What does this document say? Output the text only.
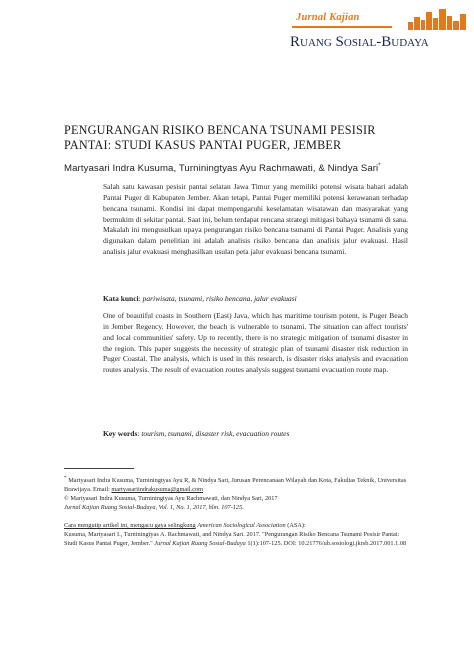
Jurnal Kajian
Ruang Sosial-Budaya
PENGURANGAN RISIKO BENCANA TSUNAMI PESISIR PANTAI: STUDI KASUS PANTAI PUGER, JEMBER
Martyasari Indra Kusuma, Turniningtyas Ayu Rachmawati, & Nindya Sari*
Salah satu kawasan pesisir pantai selatan Jawa Timur yang memiliki potensi wisata bahari adalah Pantai Puger di Kabupaten Jember. Akan tetapi, Pantai Puger memiliki potensi kerawanan terhadap bencana tsunami. Kondisi ini dapat mempengaruhi keselamatan wisatawan dan masyarakat yang bermukim di sekitar pantai. Saat ini, belum terdapat rencana strategi mitigasi bahaya tsunami di sana. Makalah ini mengusulkan upaya pengurangan risiko bencana tsunami di Pantai Puger. Analisis yang digunakan dalam penelitian ini adalah analisis risiko bencana dan analisis jalur evakuasi. Hasil analisis jalur evakuasi menghasilkan usulan peta jalur evakuasi bencana tsunami.
Kata kunci: pariwisata, tsunami, risiko bencana, jalur evakuasi
One of beautiful coasts in Southern (East) Java, which has maritime tourism potent, is Puger Beach in Jember Regency. However, the beach is vulnerable to tsunami. The situation can affect tourists' and local communities' safety. Up to recently, there is no strategic mitigation of tsunami disaster in the region. This paper suggests the necessity of strategic plan of tsunami disaster risk reduction in Puger Coastal. The analysis, which is used in this research, is disaster risks analysis and evacuation routes analysis. The result of evacuation routes analysis suggest tsunami evacuation route map.
Key words: tourism, tsunami, disaster risk, evacuation routes
* Martyasari Indra Kusuma, Turniningtyas Ayu R, & Nindya Sari, Jurusan Perencanaan Wilayah dan Kota, Fakultas Teknik, Universitas Brawijaya. Email: martyasariindrakusuma@gmail.com
© Martyasari Indra Kusuma, Turniningtyas Ayu Rachmawati, dan Nindya Sari, 2017
Jurnal Kajian Ruang Sosial-Budaya, Vol. 1, No. 1, 2017, hlm. 107-125.
Cara mengutip artikel ini, mengacu gaya selingkung American Sociological Association (ASA):
Kusuma, Martyasari I., Turniningtyas A. Rachmawati, and Nindya Sari. 2017. "Pengurangan Risiko Bencana Tsunami Pesisir Pantai: Studi Kasus Pantai Puger, Jember." Jurnal Kajian Ruang Sosial-Budaya 1(1):107-125. DOI: 10.21776/ub.sosiologi.jkrsb.2017.001.1.08
